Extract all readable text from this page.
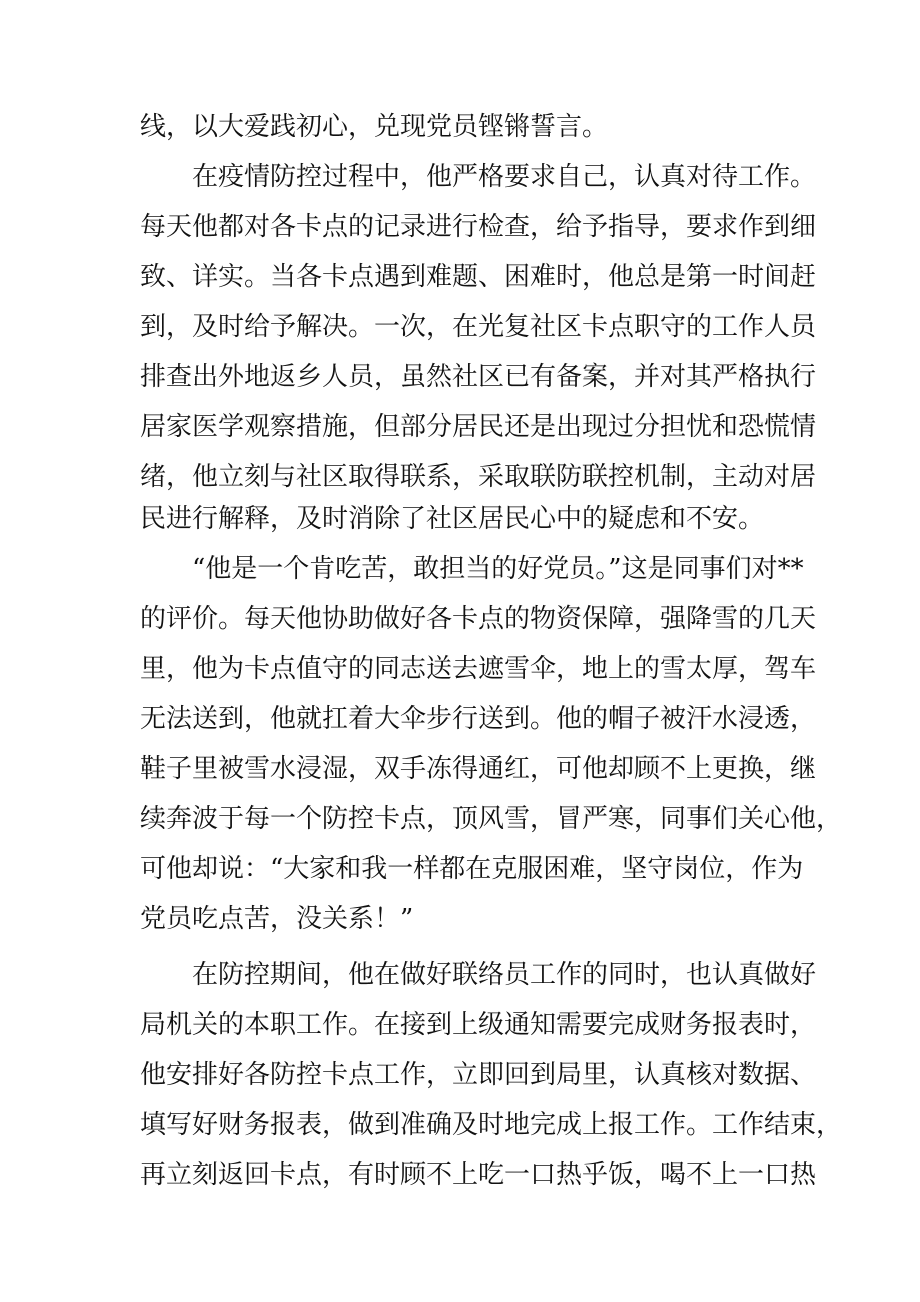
线，以大爱践初心，兑现党员铿锵誓言。
在疫情防控过程中，他严格要求自己，认真对待工作。
每天他都对各卡点的记录进行检查，给予指导，要求作到细
致、详实。当各卡点遇到难题、困难时，他总是第一时间赶
到，及时给予解决。一次，在光复社区卡点职守的工作人员
排查出外地返乡人员，虽然社区已有备案，并对其严格执行
居家医学观察措施，但部分居民还是出现过分担忧和恐慌情
绪，他立刻与社区取得联系，采取联防联控机制，主动对居
民进行解释，及时消除了社区居民心中的疑虑和不安。
“他是一个肯吃苦，敢担当的好党员。”这是同事们对**
的评价。每天他协助做好各卡点的物资保障，强降雪的几天
里，他为卡点值守的同志送去遮雪伞，地上的雪太厚，驾车
无法送到，他就扛着大伞步行送到。他的帽子被汗水浸透，
鞋子里被雪水浸湿，双手冻得通红，可他却顾不上更换，继
续奔波于每一个防控卡点，顶风雪，冒严寒，同事们关心他，
可他却说：“大家和我一样都在克服困难，坚守岗位，作为
党员吃点苦，没关系！”
在防控期间，他在做好联络员工作的同时，也认真做好
局机关的本职工作。在接到上级通知需要完成财务报表时，
他安排好各防控卡点工作，立即回到局里，认真核对数据、
填写好财务报表，做到准确及时地完成上报工作。工作结束，
再立刻返回卡点，有时顾不上吃一口热乎饭，喝不上一口热
